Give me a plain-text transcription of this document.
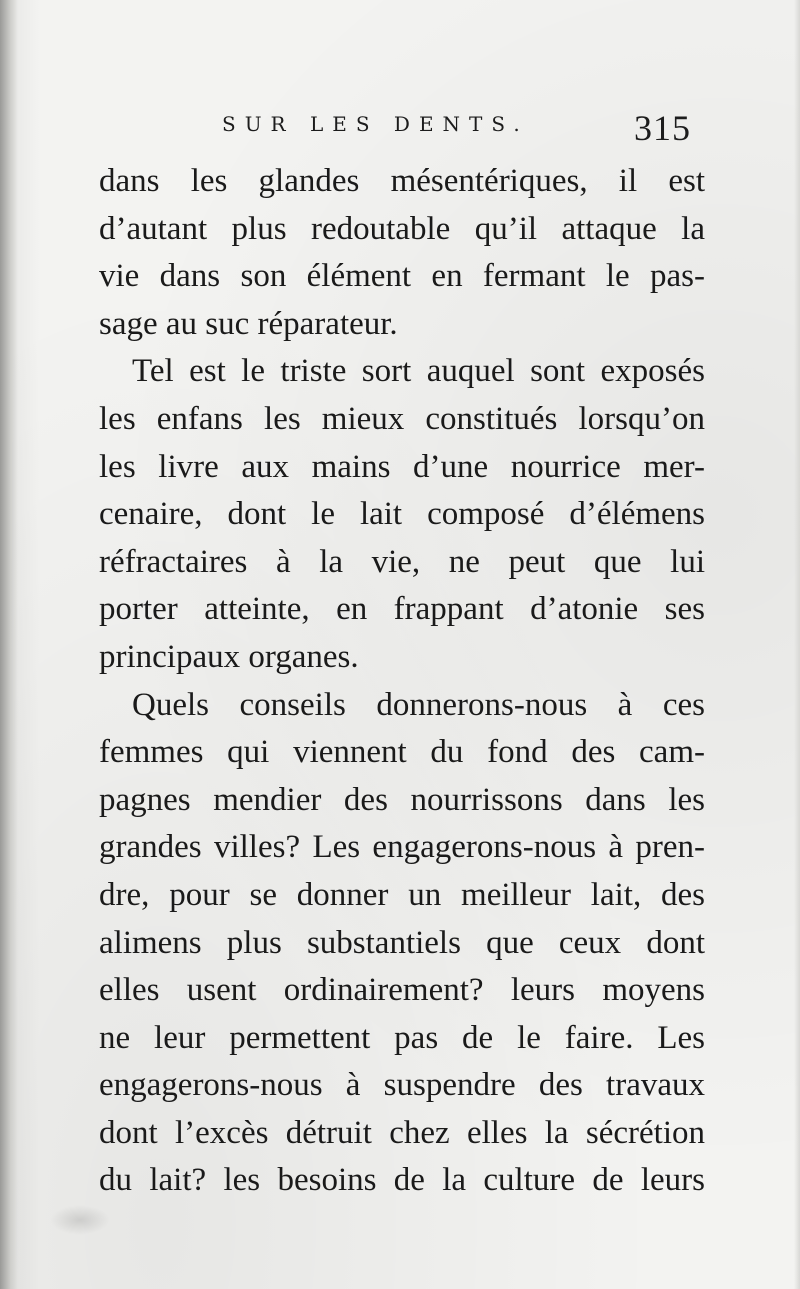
SUR LES DENTS.	315
dans les glandes mésentériques, il est
d’autant plus redoutable qu’il attaque la
vie dans son élément en fermant le pas-
sage au suc réparateur.
Tel est le triste sort auquel sont exposés
les enfans les mieux constitués lorsqu’on
les livre aux mains d’une nourrice mer-
cenaire, dont le lait composé d’élémens
réfractaires à la vie, ne peut que lui
porter atteinte, en frappant d’atonie ses
principaux organes.
Quels conseils donnerons-nous à ces
femmes qui viennent du fond des cam-
pagnes mendier des nourrissons dans les
grandes villes? Les engagerons-nous à pren-
dre, pour se donner un meilleur lait, des
alimens plus substantiels que ceux dont
elles usent ordinairement? leurs moyens
ne leur permettent pas de le faire. Les
engagerons-nous à suspendre des travaux
dont l’excès détruit chez elles la sécrétion
du lait? les besoins de la culture de leurs
